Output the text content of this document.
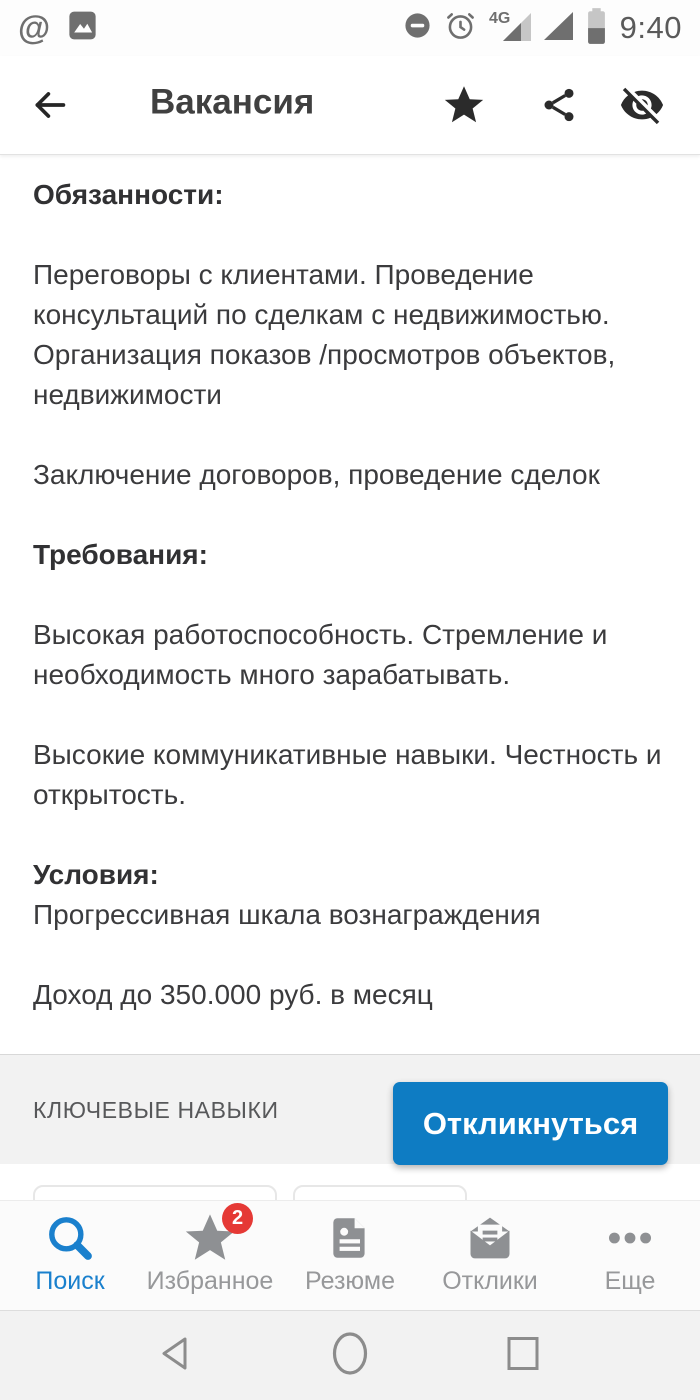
@	4G	9:40
Вакансия
Обязанности:
Переговоры с клиентами. Проведение консультаций по сделкам с недвижимостью. Организация показов /просмотров объектов, недвижимости
Заключение договоров, проведение сделок
Требования:
Высокая работоспособность. Стремление и необходимость много зарабатывать.
Высокие коммуникативные навыки. Честность и открытость.
Условия:
Прогрессивная шкала вознаграждения
Доход до 350.000 руб. в месяц
КЛЮЧЕВЫЕ НАВЫКИ	Откликнуться
Поиск
2
Избранное Резюме Отклики	Еще
